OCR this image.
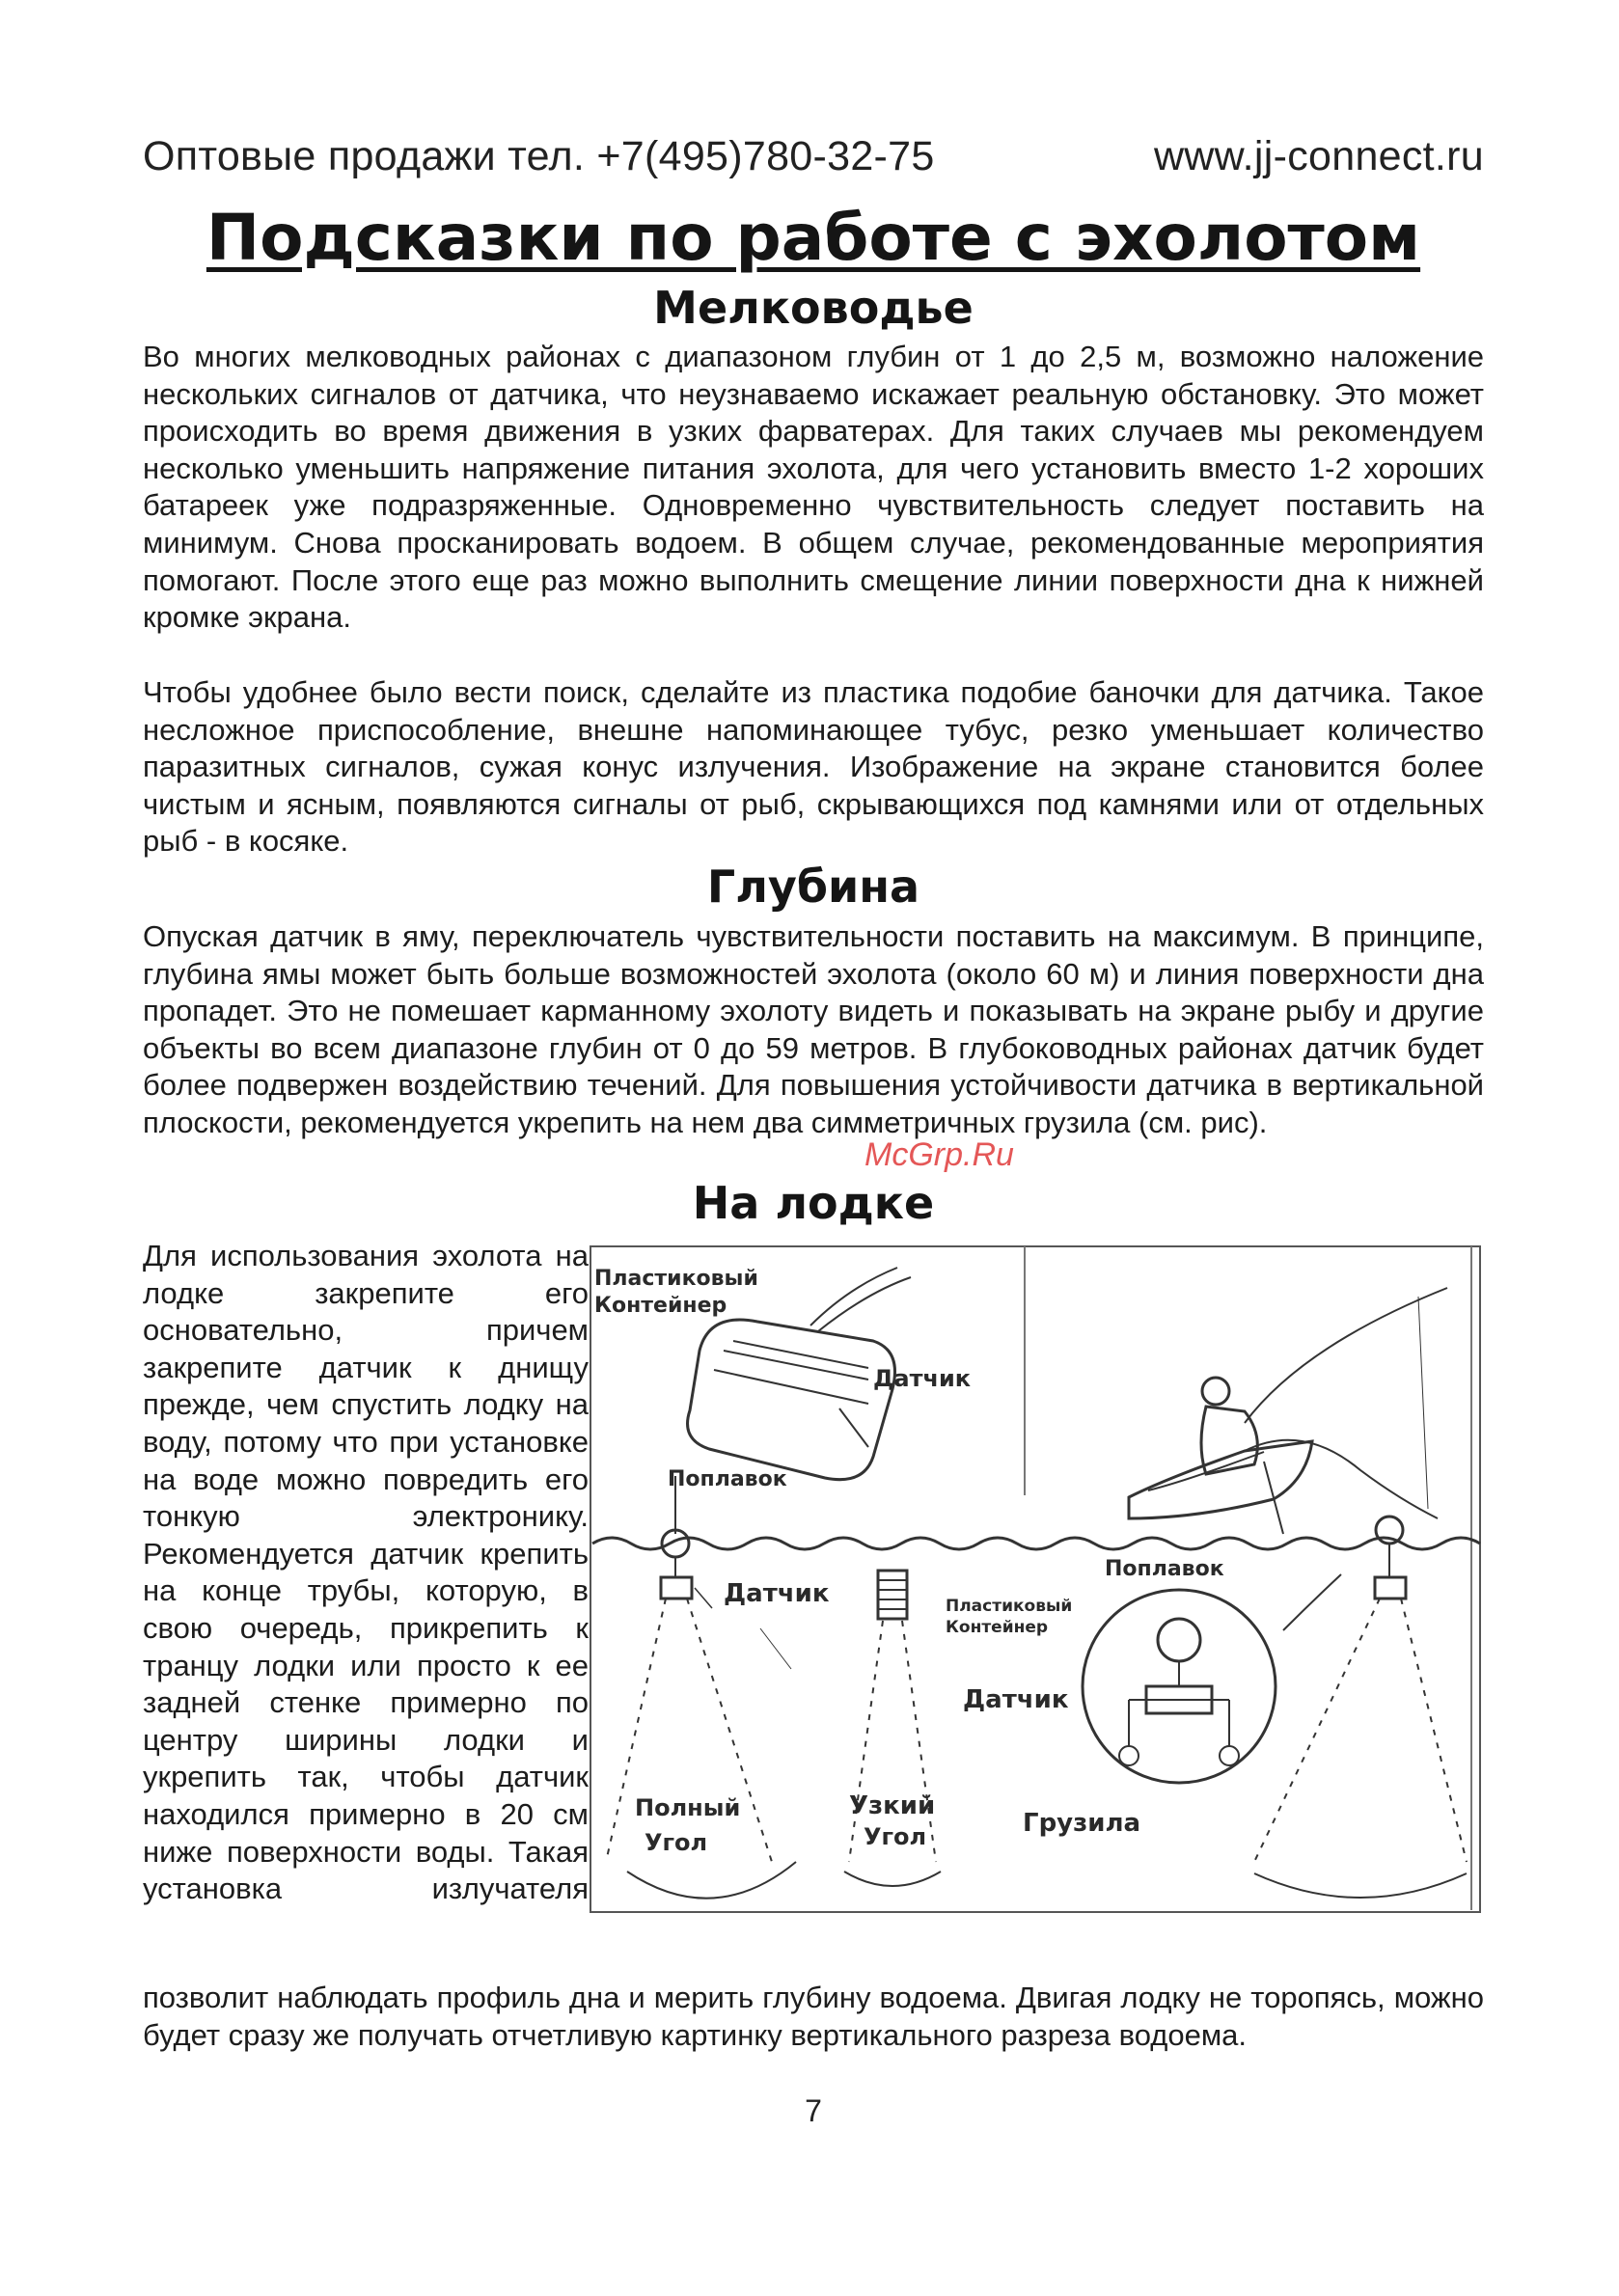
Оптовые продажи тел. +7(495)780-32-75	www.jj-connect.ru
Подсказки по работе с эхолотом
Мелководье

Во многих мелководных районах с диапазоном глубин от 1 до 2,5 м, возможно наложение нескольких сигналов от датчика, что неузнаваемо искажает реальную обстановку. Это может происходить во время движения в узких фарватерах. Для таких случаев мы рекомендуем несколько уменьшить напряжение питания эхолота, для чего установить вместо 1-2 хороших батареек уже подразряженные. Одновременно чувствительность следует поставить на минимум. Снова просканировать водоем. В общем случае, рекомендованные мероприятия помогают. После этого еще раз можно выполнить смещение линии поверхности дна к нижней кромке экрана.

Чтобы удобнее было вести поиск, сделайте из пластика подобие баночки для датчика. Такое несложное приспособление, внешне напоминающее тубус, резко уменьшает количество паразитных сигналов, сужая конус излучения. Изображение на экране становится более чистым и ясным, появляются сигналы от рыб, скрывающихся под камнями или от отдельных рыб - в косяке.

Глубина

Опуская датчик в яму, переключатель чувствительности поставить на максимум. В принципе, глубина ямы может быть больше возможностей эхолота (около 60 м) и линия поверхности дна пропадет. Это не помешает карманному эхолоту видеть и показывать на экране рыбу и другие объекты во всем диапазоне глубин от 0 до 59 метров. В глубоководных районах датчик будет более подвержен воздействию течений. Для повышения устойчивости датчика в вертикальной плоскости, рекомендуется укрепить на нем два симметричных грузила (см. рис).

McGrp.Ru
На лодке

Для использования эхолота на лодке закрепите его основательно, причем закрепите датчик к днищу прежде, чем спустить лодку на воду, потому что при установке на воде можно повредить его тонкую электронику. Рекомендуется датчик крепить на конце трубы, которую, в свою очередь, прикрепить к транцу лодки или просто к ее задней стенке примерно по центру ширины лодки и укрепить так, чтобы датчик находился примерно в 20 см ниже поверхности воды. Такая установка излучателя

Пластиковый
Контейнер
Датчик
Поплавок
Датчик	Пластиковый
Контейнер
Поплавок
Датчик
Полный
Угол
Узкий
Угол	Грузила

позволит наблюдать профиль дна и мерить глубину водоема. Двигая лодку не торопясь, можно будет сразу же получать отчетливую картинку вертикального разреза водоема.

7
